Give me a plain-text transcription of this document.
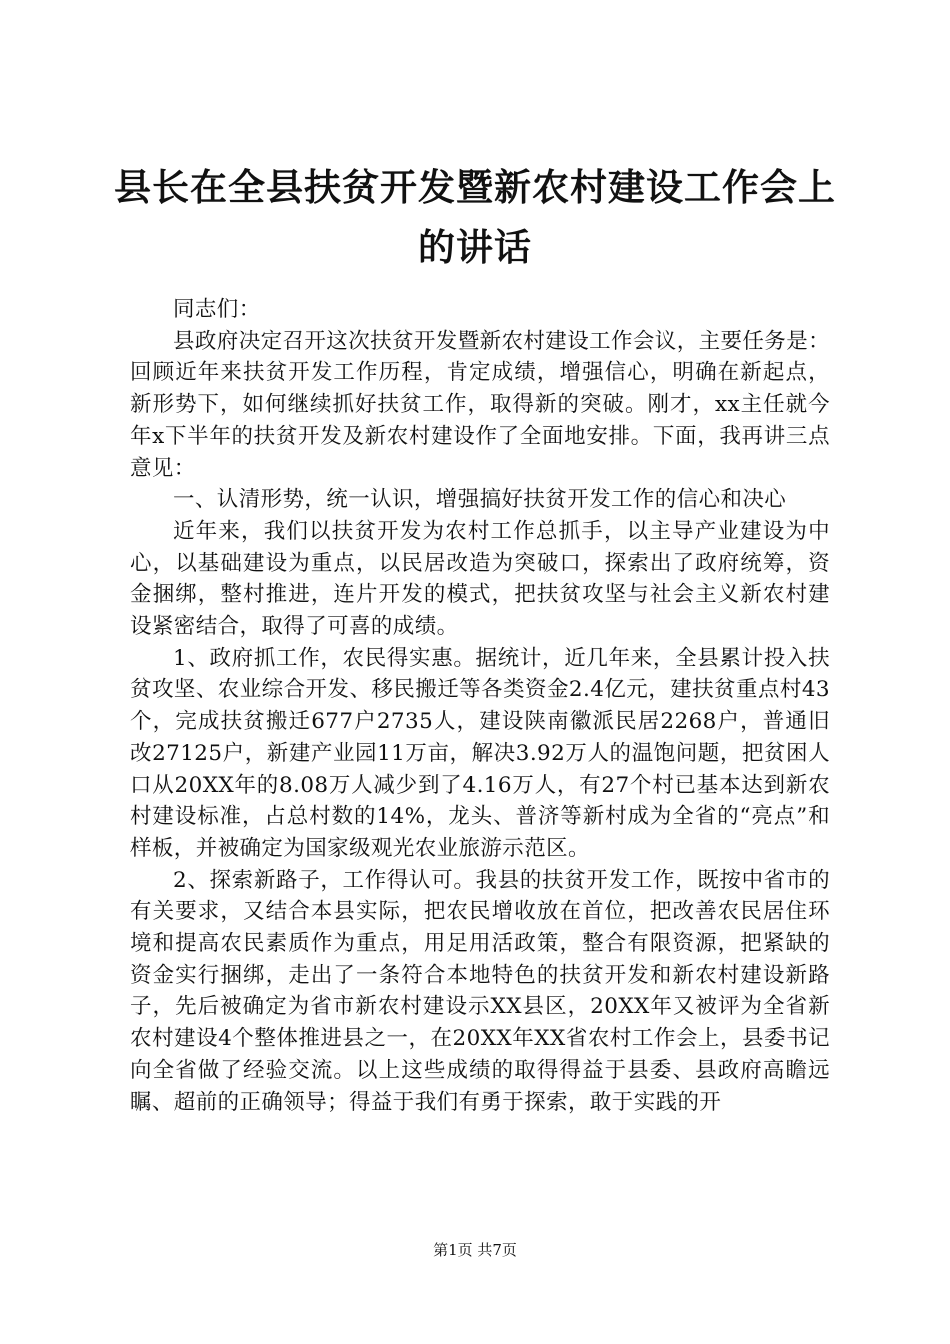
县长在全县扶贫开发暨新农村建设工作会上的讲话

同志们：

县政府决定召开这次扶贫开发暨新农村建设工作会议，主要任务是：回顾近年来扶贫开发工作历程，肯定成绩，增强信心，明确在新起点，新形势下，如何继续抓好扶贫工作，取得新的突破。刚才，xx主任就今年x下半年的扶贫开发及新农村建设作了全面地安排。下面，我再讲三点意见：

一、认清形势，统一认识，增强搞好扶贫开发工作的信心和决心

近年来，我们以扶贫开发为农村工作总抓手，以主导产业建设为中心，以基础建设为重点，以民居改造为突破口，探索出了政府统筹，资金捆绑，整村推进，连片开发的模式，把扶贫攻坚与社会主义新农村建设紧密结合，取得了可喜的成绩。

1、政府抓工作，农民得实惠。据统计，近几年来，全县累计投入扶贫攻坚、农业综合开发、移民搬迁等各类资金2.4亿元，建扶贫重点村43个，完成扶贫搬迁677户2735人，建设陕南徽派民居2268户，普通旧改27125户，新建产业园11万亩，解决3.92万人的温饱问题，把贫困人口从20XX年的8.08万人减少到了4.16万人，有27个村已基本达到新农村建设标准，占总村数的14%，龙头、普济等新村成为全省的“亮点”和样板，并被确定为国家级观光农业旅游示范区。

2、探索新路子，工作得认可。我县的扶贫开发工作，既按中省市的有关要求，又结合本县实际，把农民增收放在首位，把改善农民居住环境和提高农民素质作为重点，用足用活政策，整合有限资源，把紧缺的资金实行捆绑，走出了一条符合本地特色的扶贫开发和新农村建设新路子，先后被确定为省市新农村建设示XX县区，20XX年又被评为全省新农村建设4个整体推进县之一，在20XX年XX省农村工作会上，县委书记向全省做了经验交流。以上这些成绩的取得得益于县委、县政府高瞻远瞩、超前的正确领导；得益于我们有勇于探索，敢于实践的开

第1页 共7页
